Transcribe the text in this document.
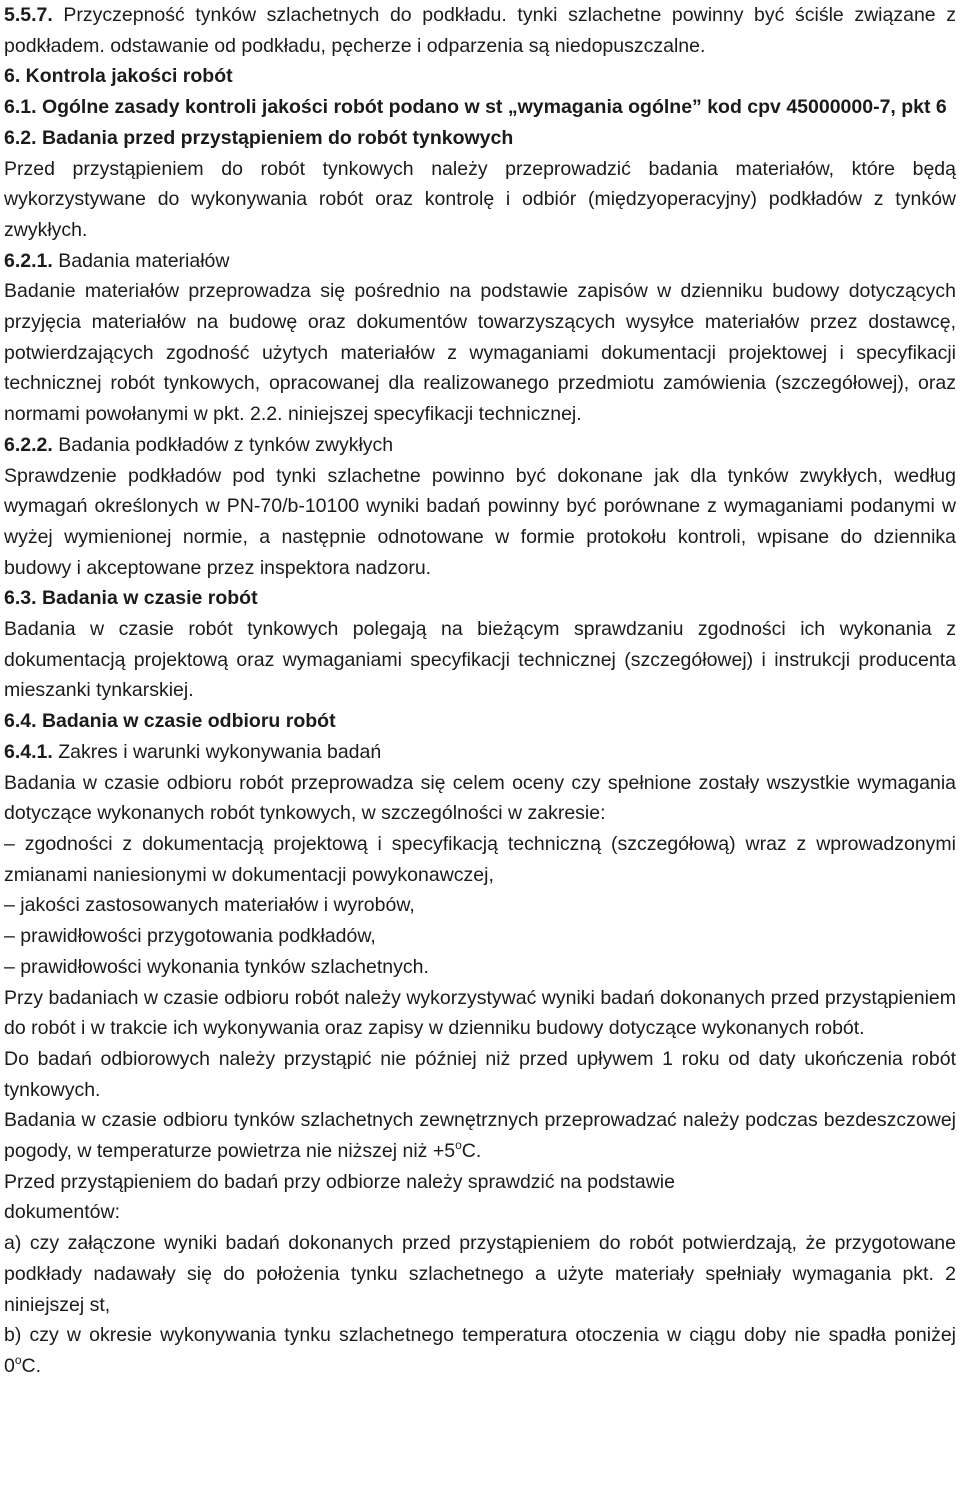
5.5.7. Przyczepność tynków szlachetnych do podkładu. tynki szlachetne powinny być ściśle związane z podkładem. odstawanie od podkładu, pęcherze i odparzenia są niedopuszczalne.

6. Kontrola jakości robót

6.1. Ogólne zasady kontroli jakości robót podano w st „wymagania ogólne” kod cpv 45000000-7, pkt 6

6.2. Badania przed przystąpieniem do robót tynkowych

Przed przystąpieniem do robót tynkowych należy przeprowadzić badania materiałów, które będą wykorzystywane do wykonywania robót oraz kontrolę i odbiór (międzyoperacyjny) podkładów z tynków zwykłych.

6.2.1. Badania materiałów

Badanie materiałów przeprowadza się pośrednio na podstawie zapisów w dzienniku budowy dotyczących przyjęcia materiałów na budowę oraz dokumentów towarzyszących wysyłce materiałów przez dostawcę, potwierdzających zgodność użytych materiałów z wymaganiami dokumentacji projektowej i specyfikacji technicznej robót tynkowych, opracowanej dla realizowanego przedmiotu zamówienia (szczegółowej), oraz normami powołanymi w pkt. 2.2. niniejszej specyfikacji technicznej.

6.2.2. Badania podkładów z tynków zwykłych

Sprawdzenie podkładów pod tynki szlachetne powinno być dokonane jak dla tynków zwykłych, według wymagań określonych w PN-70/b-10100 wyniki badań powinny być porównane z wymaganiami podanymi w wyżej wymienionej normie, a następnie odnotowane w formie protokołu kontroli, wpisane do dziennika budowy i akceptowane przez inspektora nadzoru.

6.3. Badania w czasie robót

Badania w czasie robót tynkowych polegają na bieżącym sprawdzaniu zgodności ich wykonania z dokumentacją projektową oraz wymaganiami specyfikacji technicznej (szczegółowej) i instrukcji producenta mieszanki tynkarskiej.

6.4. Badania w czasie odbioru robót

6.4.1. Zakres i warunki wykonywania badań

Badania w czasie odbioru robót przeprowadza się celem oceny czy spełnione zostały wszystkie wymagania dotyczące wykonanych robót tynkowych, w szczególności w zakresie:

– zgodności z dokumentacją projektową i specyfikacją techniczną (szczegółową) wraz z wprowadzonymi zmianami naniesionymi w dokumentacji powykonawczej,

– jakości zastosowanych materiałów i wyrobów,

– prawidłowości przygotowania podkładów,

– prawidłowości wykonania tynków szlachetnych.

Przy badaniach w czasie odbioru robót należy wykorzystywać wyniki badań dokonanych przed przystąpieniem do robót i w trakcie ich wykonywania oraz zapisy w dzienniku budowy dotyczące wykonanych robót.

Do badań odbiorowych należy przystąpić nie później niż przed upływem 1 roku od daty ukończenia robót tynkowych.

Badania w czasie odbioru tynków szlachetnych zewnętrznych przeprowadzać należy podczas bezdeszczowej pogody, w temperaturze powietrza nie niższej niż $+5^oC$.

Przed przystąpieniem do badań przy odbiorze należy sprawdzić na podstawie

dokumentów:

a) czy załączone wyniki badań dokonanych przed przystąpieniem do robót potwierdzają, że przygotowane podkłady nadawały się do położenia tynku szlachetnego a użyte materiały spełniały wymagania pkt. 2 niniejszej st,

b) czy w okresie wykonywania tynku szlachetnego temperatura otoczenia w ciągu doby nie spadła poniżej 0$^o$C.
